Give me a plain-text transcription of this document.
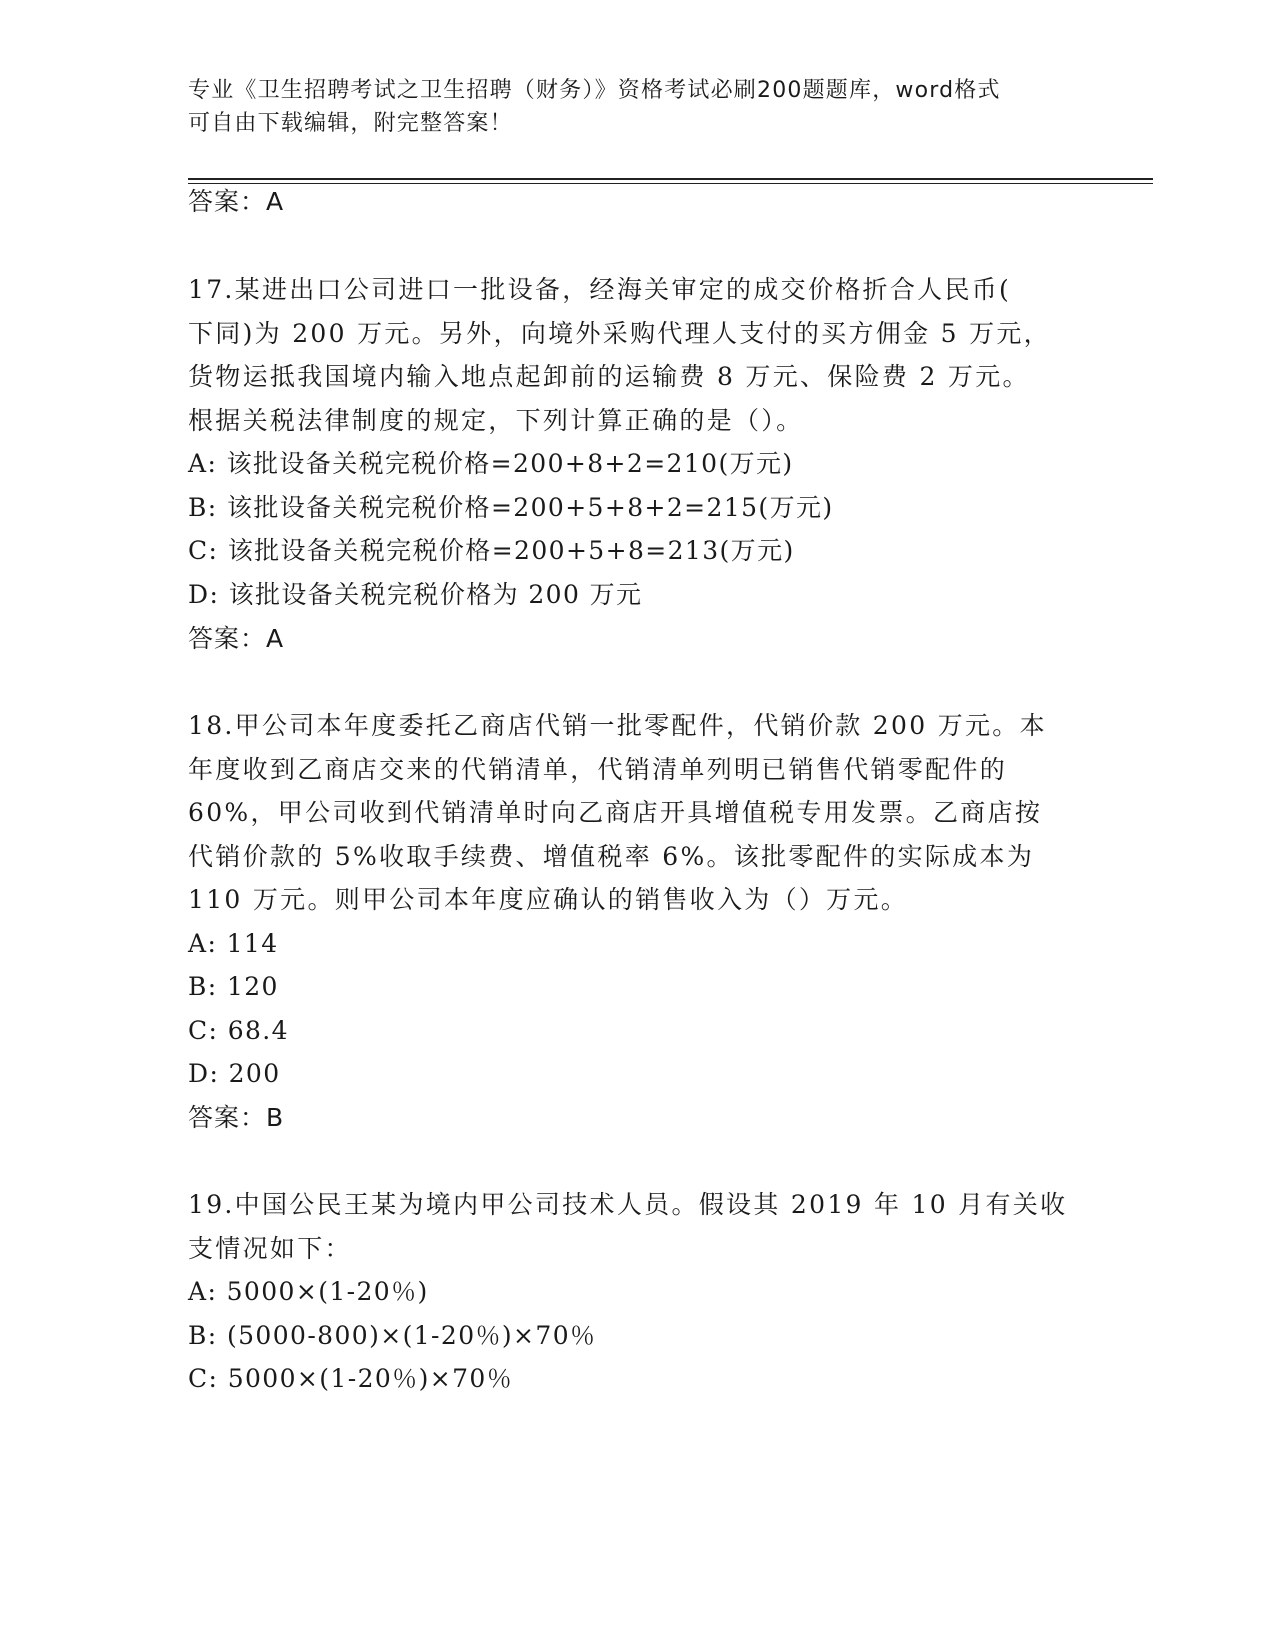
专业《卫生招聘考试之卫生招聘（财务）》资格考试必刷200题题库，word格式
可自由下载编辑，附完整答案！
答案：A
17.某进出口公司进口一批设备，经海关审定的成交价格折合人民币(
下同)为 200 万元。另外，向境外采购代理人支付的买方佣金 5 万元，
货物运抵我国境内输入地点起卸前的运输费 8 万元、保险费 2 万元。
根据关税法律制度的规定，下列计算正确的是（）。
A: 该批设备关税完税价格=200+8+2=210(万元)
B: 该批设备关税完税价格=200+5+8+2=215(万元)
C: 该批设备关税完税价格=200+5+8=213(万元)
D: 该批设备关税完税价格为 200 万元
答案：A
18.甲公司本年度委托乙商店代销一批零配件，代销价款 200 万元。本
年度收到乙商店交来的代销清单，代销清单列明已销售代销零配件的
60%，甲公司收到代销清单时向乙商店开具增值税专用发票。乙商店按
代销价款的 5%收取手续费、增值税率 6%。该批零配件的实际成本为
110 万元。则甲公司本年度应确认的销售收入为（）万元。
A: 114
B: 120
C: 68.4
D: 200
答案：B
19.中国公民王某为境内甲公司技术人员。假设其 2019 年 10 月有关收
支情况如下：
A: 5000×(1-20％)
B: (5000-800)×(1-20％)×70％
C: 5000×(1-20％)×70％
